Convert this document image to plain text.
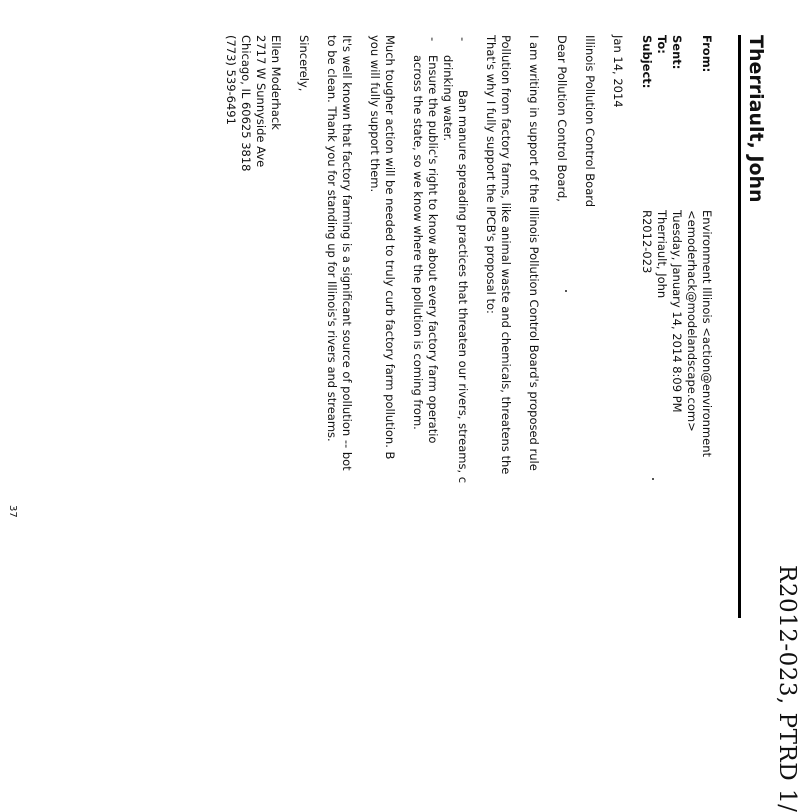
R2012-023, PTRD 1/
Therriault, John
From:
Environment Illinois <action@environment
<emoderhack@modelandscape.com>
Sent:
Tuesday, January 14, 2014 8:09 PM
To:
Therriault, John
Subject:
R2012-023
Jan 14, 2014
Illinois Pollution Control Board
Dear Pollution Control Board,
I am writing in support of the Illinois Pollution Control Board's proposed rule
Pollution from factory farms, like animal waste and chemicals, threatens the
That's why I fully support the IPCB's proposal to:
-
Ban manure spreading practices that threaten our rivers, streams, c
drinking water.
-
Ensure the public's right to know about every factory farm operatio
across the state, so we know where the pollution is coming from.
Much tougher action will be needed to truly curb factory farm pollution. B
you will fully support them.
It's well known that factory farming is a significant source of pollution -- bot
to be clean. Thank you for standing up for Illinois's rivers and streams.
Sincerely,
Ellen Moderhack
2717 W Sunnyside Ave
Chicago, IL 60625 3818
(773) 539-6491
37
